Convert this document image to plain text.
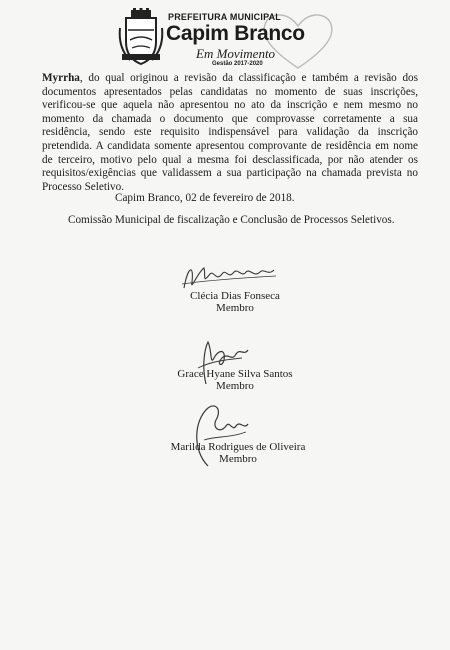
PREFEITURA MUNICIPAL
Capim Branco
Em Movimento
Gestão 2017-2020

Myrrha, do qual originou a revisão da classificação e também a revisão dos documentos apresentados pelas candidatas no momento de suas inscrições, verificou-se que aquela não apresentou no ato da inscrição e nem mesmo no momento da chamada o documento que comprovasse corretamente a sua residência, sendo este requisito indispensável para validação da inscrição pretendida. A candidata somente apresentou comprovante de residência em nome de terceiro, motivo pelo qual a mesma foi desclassificada, por não atender os requisitos/exigências que validassem a sua participação na chamada prevista no Processo Seletivo.

Capim Branco, 02 de fevereiro de 2018.
Comissão Municipal de fiscalização e Conclusão de Processos Seletivos.
Clécia Dias Fonseca
Membro
Grace Hyane Silva Santos
Membro
Marilda Rodrigues de Oliveira
Membro
